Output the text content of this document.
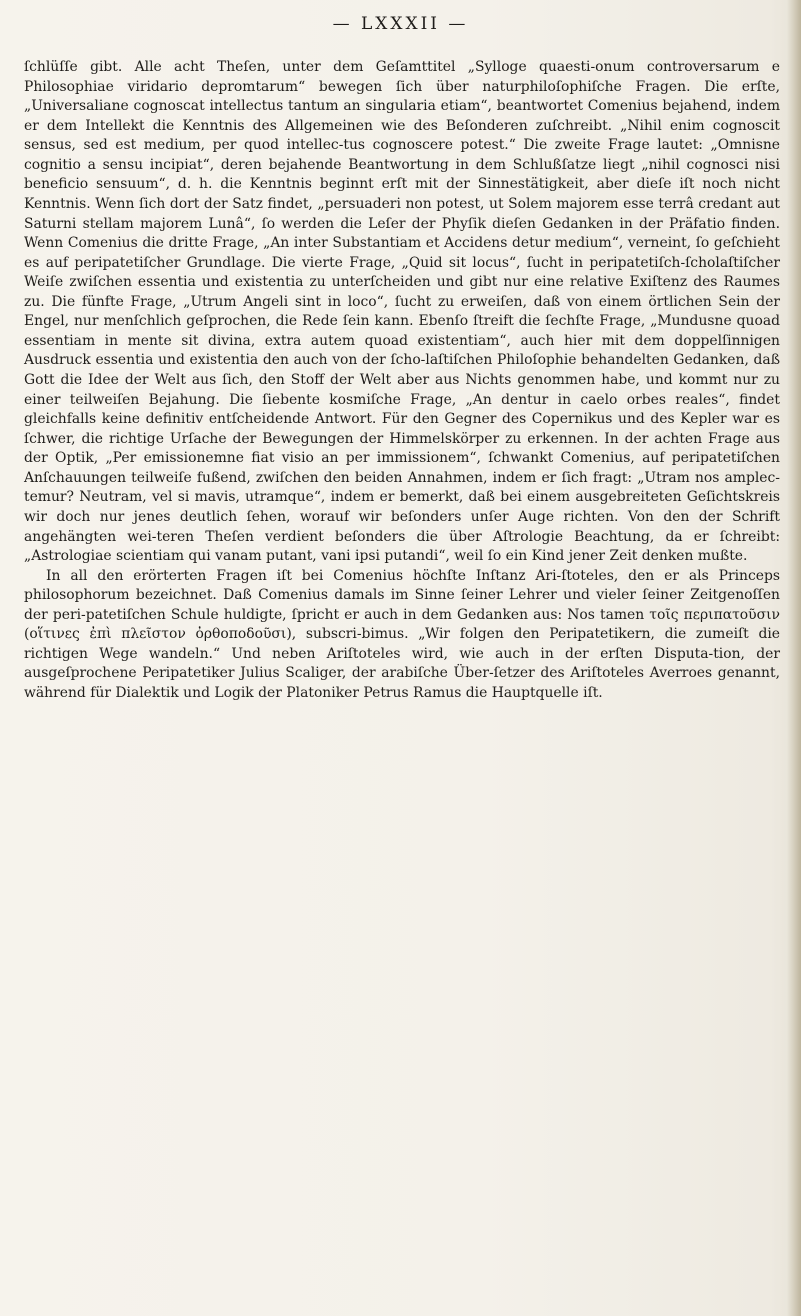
— LXXXII —

ſchlüſſe gibt. Alle acht Theſen, unter dem Geſamttitel „Sylloge quaesti-onum controversarum e Philosophiae viridario depromtarum“ bewegen ſich über naturphiloſophiſche Fragen. Die erſte, „Universaliane cognoscat intellectus tantum an singularia etiam“, beantwortet Comenius bejahend, indem er dem Intellekt die Kenntnis des Allgemeinen wie des Beſonderen zuſchreibt. „Nihil enim cognoscit sensus, sed est medium, per quod intellec-tus cognoscere potest.“ Die zweite Frage lautet: „Omnisne cognitio a sensu incipiat“, deren bejahende Beantwortung in dem Schlußſatze liegt „nihil cognosci nisi beneficio sensuum“, d. h. die Kenntnis beginnt erſt mit der Sinnestätigkeit, aber dieſe iſt noch nicht Kenntnis. Wenn ſich dort der Satz findet, „persuaderi non potest, ut Solem majorem esse terrâ credant aut Saturni stellam majorem Lunâ“, ſo werden die Leſer der Phyſik dieſen Gedanken in der Präfatio finden. Wenn Comenius die dritte Frage, „An inter Substantiam et Accidens detur medium“, verneint, ſo geſchieht es auf peripatetiſcher Grundlage. Die vierte Frage, „Quid sit locus“, ſucht in peripatetiſch-ſcholaſtiſcher Weiſe zwiſchen essentia und existentia zu unterſcheiden und gibt nur eine relative Exiſtenz des Raumes zu. Die fünfte Frage, „Utrum Angeli sint in loco“, ſucht zu erweiſen, daß von einem örtlichen Sein der Engel, nur menſchlich geſprochen, die Rede ſein kann. Ebenſo ſtreift die ſechſte Frage, „Mundusne quoad essentiam in mente sit divina, extra autem quoad existentiam“, auch hier mit dem doppelſinnigen Ausdruck essentia und existentia den auch von der ſcho-laſtiſchen Philoſophie behandelten Gedanken, daß Gott die Idee der Welt aus ſich, den Stoff der Welt aber aus Nichts genommen habe, und kommt nur zu einer teilweiſen Bejahung. Die ſiebente kosmiſche Frage, „An dentur in caelo orbes reales“, findet gleichfalls keine definitiv entſcheidende Antwort. Für den Gegner des Copernikus und des Kepler war es ſchwer, die richtige Urſache der Bewegungen der Himmelskörper zu erkennen. In der achten Frage aus der Optik, „Per emissionemne fiat visio an per immissionem“, ſchwankt Comenius, auf peripatetiſchen Anſchauungen teilweiſe fußend, zwiſchen den beiden Annahmen, indem er ſich fragt: „Utram nos amplec-temur? Neutram, vel si mavis, utramque“, indem er bemerkt, daß bei einem ausgebreiteten Geſichtskreis wir doch nur jenes deutlich ſehen, worauf wir beſonders unſer Auge richten. Von den der Schrift angehängten wei-teren Theſen verdient beſonders die über Aſtrologie Beachtung, da er ſchreibt: „Astrologiae scientiam qui vanam putant, vani ipsi putandi“, weil ſo ein Kind jener Zeit denken mußte.

In all den erörterten Fragen iſt bei Comenius höchſte Inſtanz Ari-ſtoteles, den er als Princeps philosophorum bezeichnet. Daß Comenius damals im Sinne ſeiner Lehrer und vieler ſeiner Zeitgenoſſen der peri-patetiſchen Schule huldigte, ſpricht er auch in dem Gedanken aus: Nos tamen τοῖς περιπατοῦσιν (οἵτινες ἐπὶ πλεῖστον ὀρθοποδοῦσι), subscri-bimus. „Wir folgen den Peripatetikern, die zumeiſt die richtigen Wege wandeln.“ Und neben Ariſtoteles wird, wie auch in der erſten Disputa-tion, der ausgeſprochene Peripatetiker Julius Scaliger, der arabiſche Über-ſetzer des Ariſtoteles Averroes genannt, während für Dialektik und Logik der Platoniker Petrus Ramus die Hauptquelle iſt.
